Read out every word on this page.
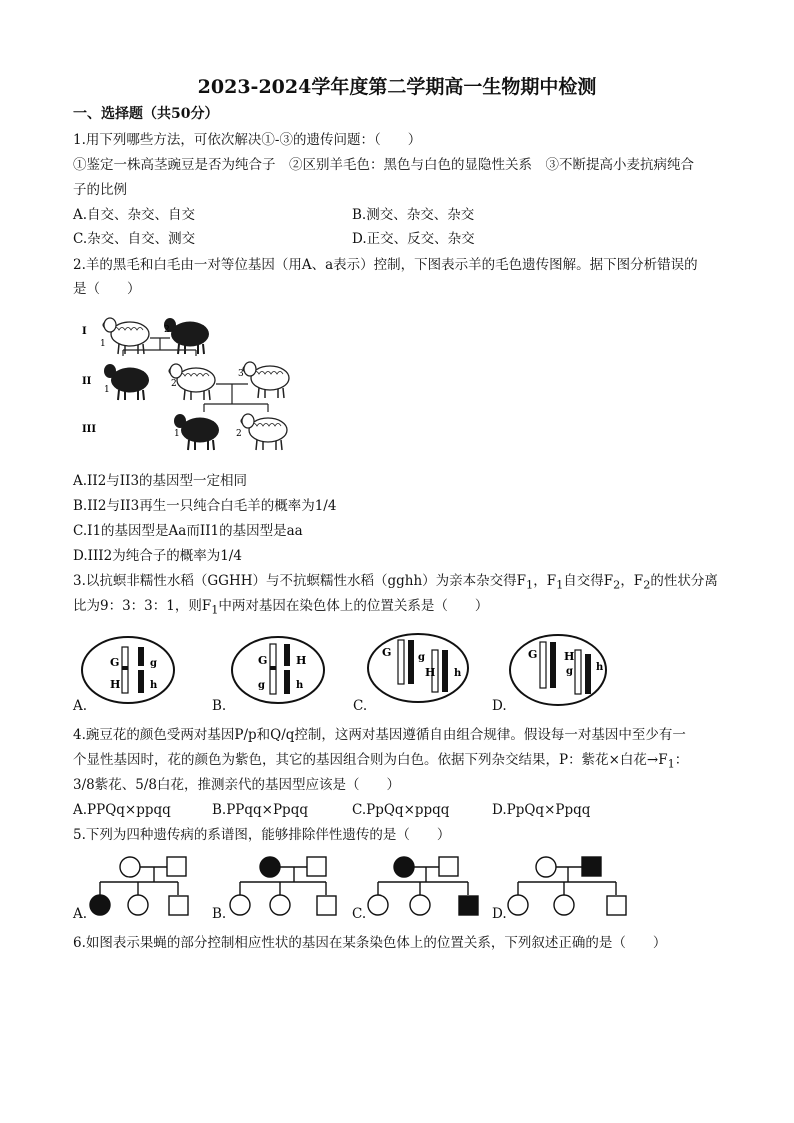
2023-2024学年度第二学期高一生物期中检测
一、选择题（共50分）
1.用下列哪些方法，可依次解决①-③的遗传问题：（　　）
①鉴定一株高茎豌豆是否为纯合子　②区别羊毛色：黑色与白色的显隐性关系　③不断提高小麦抗病纯合
子的比例
A.自交、杂交、自交	B.测交、杂交、杂交
C.杂交、自交、测交	D.正交、反交、杂交
2.羊的黑毛和白毛由一对等位基因（用A、a表示）控制，下图表示羊的毛色遗传图解。据下图分析错误的
是（　　）
I
II
III
1
2
1
2
3
1	2
A.II2与II3的基因型一定相同
B.II2与II3再生一只纯合白毛羊的概率为1/4
C.I1的基因型是Aa而II1的基因型是aa
D.III2为纯合子的概率为1/4
3.以抗螟非糯性水稻（GGHH）与不抗螟糯性水稻（gghh）为亲本杂交得$F_1$，$F_1$自交得$F_2$，$F_2$的性状分离
比为9：3：3：1，则$F_1$中两对基因在染色体上的位置关系是（　　）
G	g
H	h
G
g
H
h
G	g
H h
G
g
H
h
A.	B.	C.	D.
4.豌豆花的颜色受两对基因P/p和Q/q控制，这两对基因遵循自由组合规律。假设每一对基因中至少有一
个显性基因时，花的颜色为紫色，其它的基因组合则为白色。依据下列杂交结果，P：紫花×白花$\to F_1$：
3/8紫花、5/8白花，推测亲代的基因型应该是（　　）
A.PPQq×ppqq	B.PPqq×Ppqq	C.PpQq×ppqq	D.PpQq×Ppqq
5.下列为四种遗传病的系谱图，能够排除伴性遗传的是（　　）
A.	B.	C.	D.
6.如图表示果蝇的部分控制相应性状的基因在某条染色体上的位置关系，下列叙述正确的是（　　）
